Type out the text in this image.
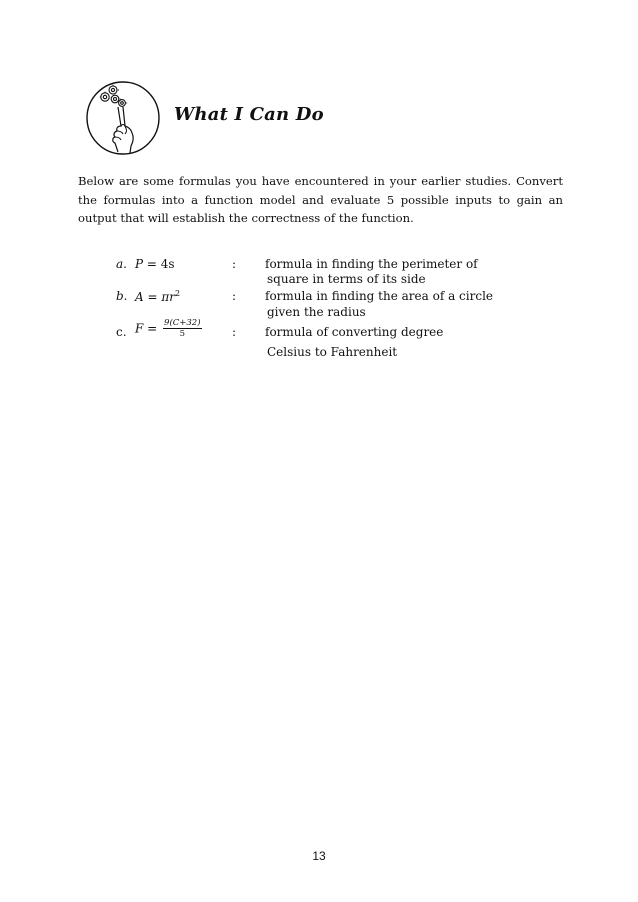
What I Can Do
Below are some formulas you have encountered in your earlier studies. Convert the formulas into a function model and evaluate 5 possible inputs to gain an output that will establish the correctness of the function.
a. P = 4s	: formula in finding the perimeter of
square in terms of its side
b. $A = \pi r^2$	: formula in finding the area of a circle
given the radius
c. $F = \frac{9(C+32)}{5}$	: formula of converting degree
Celsius to Fahrenheit
13
